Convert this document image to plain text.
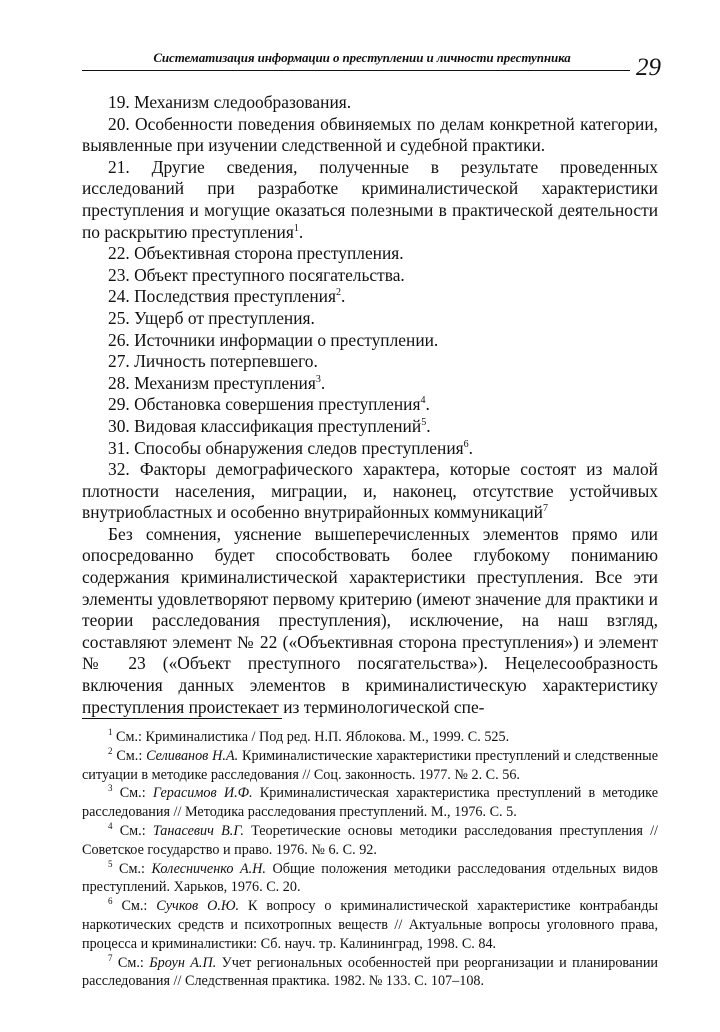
Систематизация информации о преступлении и личности преступника	29

19. Механизм следообразования.

20. Особенности поведения обвиняемых по делам конкретной категории, выявленные при изучении следственной и судебной практики.

21. Другие сведения, полученные в результате проведенных исследований при разработке криминалистической характеристики преступления и могущие оказаться полезными в практической деятельности по раскрытию преступления$^1$.

22. Объективная сторона преступления.

23. Объект преступного посягательства.

24. Последствия преступления$^2$.

25. Ущерб от преступления.

26. Источники информации о преступлении.

27. Личность потерпевшего.

28. Механизм преступления$^3$.

29. Обстановка совершения преступления$^4$.

30. Видовая классификация преступлений$^5$.

31. Способы обнаружения следов преступления$^6$.

32. Факторы демографического характера, которые состоят из малой плотности населения, миграции, и, наконец, отсутствие устойчивых внутриобластных и особенно внутрирайонных коммуникаций$^7$

Без сомнения, уяснение вышеперечисленных элементов прямо или опосредованно будет способствовать более глубокому пониманию содержания криминалистической характеристики преступления. Все эти элементы удовлетворяют первому критерию (имеют значение для практики и теории расследования преступления), исключение, на наш взгляд, составляют элемент № 22 («Объективная сторона преступления») и элемент № 23 («Объект преступного посягательства»). Нецелесообразность включения данных элементов в криминалистическую характеристику преступления проистекает из терминологической спе-

$^1$ См.: Криминалистика / Под ред. Н.П. Яблокова. М., 1999. С. 525.

$^2$ См.: Селиванов Н.А. Криминалистические характеристики преступлений и следственные ситуации в методике расследования // Соц. законность. 1977. № 2. С. 56.

$^3$ См.: Герасимов И.Ф. Криминалистическая характеристика преступлений в методике расследования // Методика расследования преступлений. М., 1976. С. 5.

$^4$ См.: Танасевич В.Г. Теоретические основы методики расследования преступления // Советское государство и право. 1976. № 6. С. 92.

$^5$ См.: Колесниченко А.Н. Общие положения методики расследования отдельных видов преступлений. Харьков, 1976. С. 20.

$^6$ См.: Сучков О.Ю. К вопросу о криминалистической характеристике контрабанды наркотических средств и психотропных веществ // Актуальные вопросы уголовного права, процесса и криминалистики: Сб. науч. тр. Калининград, 1998. С. 84.

$^7$ См.: Броун А.П. Учет региональных особенностей при реорганизации и планировании расследования // Следственная практика. 1982. № 133. С. 107–108.
